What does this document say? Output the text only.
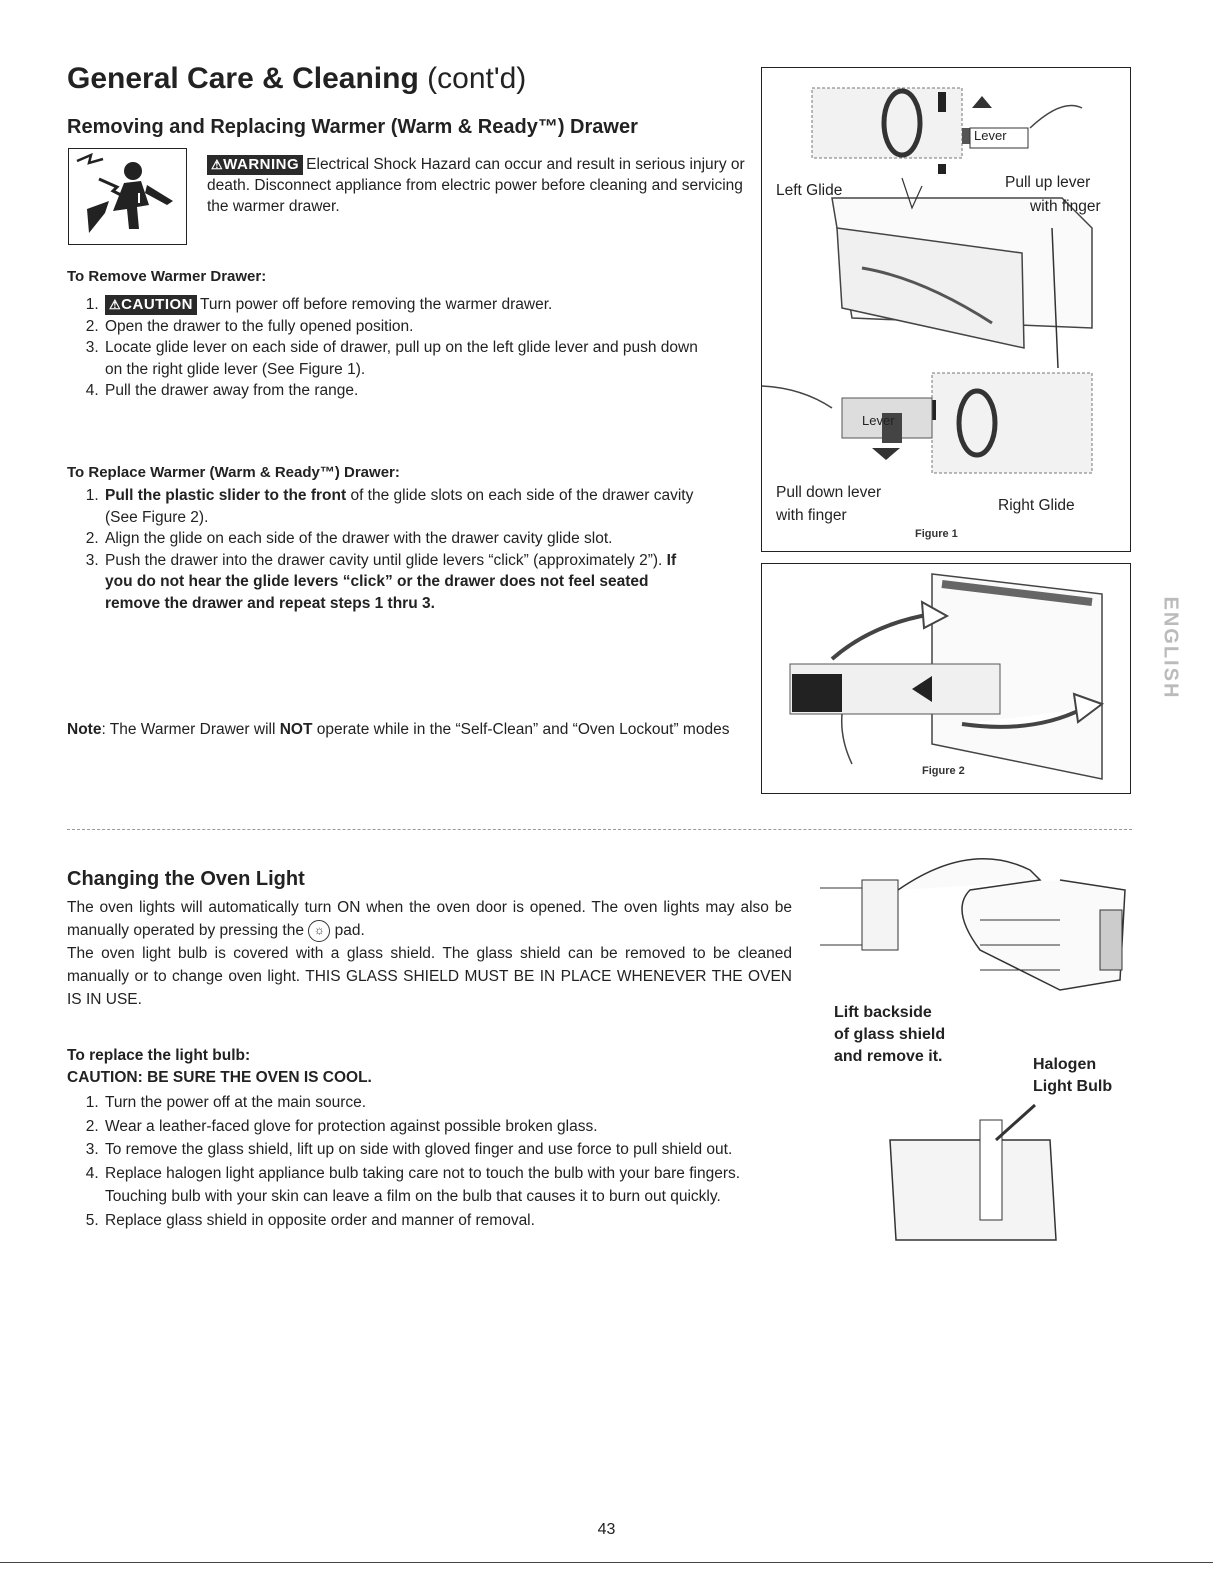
General Care & Cleaning (cont'd)
Removing and Replacing Warmer (Warm & Ready™) Drawer
⚠WARNING Electrical Shock Hazard can occur and result in serious injury or death. Disconnect appliance from electric power before cleaning and servicing the warmer drawer.
To Remove Warmer Drawer:
1. ⚠CAUTION Turn power off before removing the warmer drawer.
2. Open the drawer to the fully opened position.
3. Locate glide lever on each side of drawer, pull up on the left glide lever and push down on the right glide lever (See Figure 1).
4. Pull the drawer away from the range.
To Replace Warmer (Warm & Ready™) Drawer:
1. Pull the plastic slider to the front of the glide slots on each side of the drawer cavity (See Figure 2).
2. Align the glide on each side of the drawer with the drawer cavity glide slot.
3. Push the drawer into the drawer cavity until glide levers “click” (approximately 2”). If you do not hear the glide levers “click” or the drawer does not feel seated remove the drawer and repeat steps 1 thru 3.
Note: The Warmer Drawer will NOT operate while in the “Self-Clean” and “Oven Lockout” modes
Left Glide	Pull up lever
with finger
Lever
Lever
Pull down lever
with finger
Right Glide
Figure 1
Figure 2
Changing the Oven Light

The oven lights will automatically turn ON when the oven door is opened. The oven lights may also be manually operated by pressing the ☼ pad.

The oven light bulb is covered with a glass shield. The glass shield can be removed to be cleaned manually or to change oven light. THIS GLASS SHIELD MUST BE IN PLACE WHENEVER THE OVEN IS IN USE.

To replace the light bulb:
CAUTION: BE SURE THE OVEN IS COOL.
1. Turn the power off at the main source.
2. Wear a leather-faced glove for protection against possible broken glass.
3. To remove the glass shield, lift up on side with gloved finger and use force to pull shield out.
4. Replace halogen light appliance bulb taking care not to touch the bulb with your bare fingers. Touching bulb with your skin can leave a film on the bulb that causes it to burn out quickly.
5. Replace glass shield in opposite order and manner of removal.
Lift backside
of glass shield
and remove it.	Halogen
Light Bulb
ENGLISH
43
